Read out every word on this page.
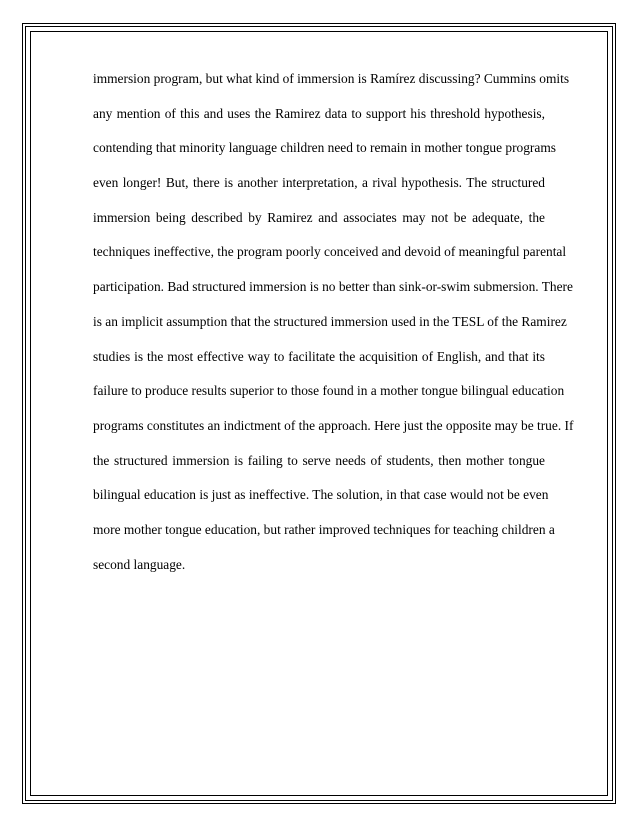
immersion program, but what kind of immersion is Ramírez discussing? Cummins omits
any mention of this and uses the Ramirez data to support his threshold hypothesis,
contending that minority language children need to remain in mother tongue programs
even longer! But, there is another interpretation, a rival hypothesis. The structured
immersion being described by Ramirez and associates may not be adequate, the
techniques ineffective, the program poorly conceived and devoid of meaningful parental
participation. Bad structured immersion is no better than sink-or-swim submersion. There
is an implicit assumption that the structured immersion used in the TESL of the Ramirez
studies is the most effective way to facilitate the acquisition of English, and that its
failure to produce results superior to those found in a mother tongue bilingual education
programs constitutes an indictment of the approach. Here just the opposite may be true. If
the structured immersion is failing to serve needs of students, then mother tongue
bilingual education is just as ineffective. The solution, in that case would not be even
more mother tongue education, but rather improved techniques for teaching children a
second language.
